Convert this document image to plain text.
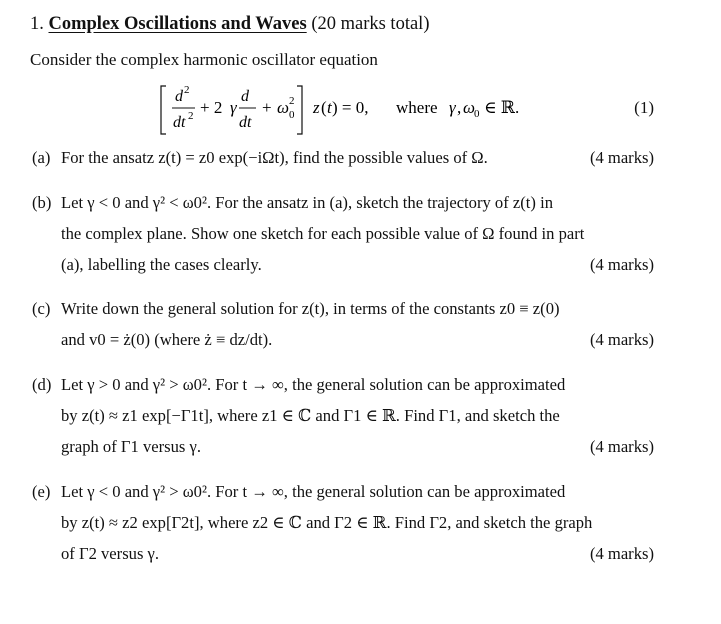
1. Complex Oscillations and Waves (20 marks total)
Consider the complex harmonic oscillator equation
d 2
dt 2 + 2 γ
d
dt
+ ω 2
0 z ( t ) = 0, where γ , ω
0 ∈ ℝ.	(1)
(a) For the ansatz z(t) = z0 exp(−iΩt), find the possible values of Ω.	(4 marks)
(b) Let γ < 0 and γ² < ω0². For the ansatz in (a), sketch the trajectory of z(t) in
the complex plane. Show one sketch for each possible value of Ω found in part
(a), labelling the cases clearly.	(4 marks)
(c) Write down the general solution for z(t), in terms of the constants z0 ≡ z(0)
and v0 = ż(0) (where ż ≡ dz/dt).	(4 marks)
(d) Let γ > 0 and γ² > ω0². For t → ∞, the general solution can be approximated
by z(t) ≈ z1 exp[−Γ1t], where z1 ∈ ℂ and Γ1 ∈ ℝ. Find Γ1, and sketch the
graph of Γ1 versus γ.	(4 marks)
(e) Let γ < 0 and γ² > ω0². For t → ∞, the general solution can be approximated
by z(t) ≈ z2 exp[Γ2t], where z2 ∈ ℂ and Γ2 ∈ ℝ. Find Γ2, and sketch the graph
of Γ2 versus γ.	(4 marks)
